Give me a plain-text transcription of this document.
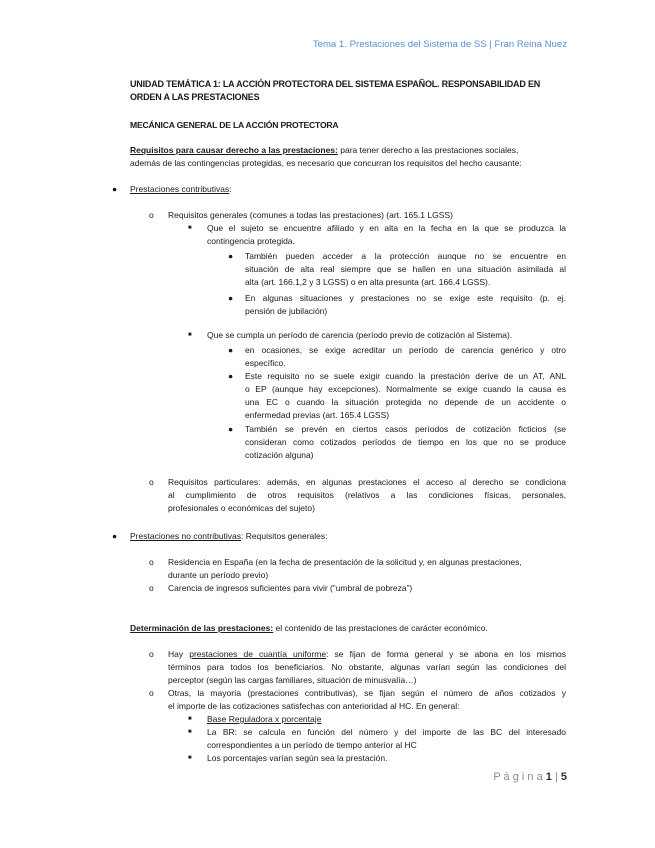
Tema 1. Prestaciones del Sistema de SS | Fran Reina Nuez
UNIDAD TEMÁTICA 1: LA ACCIÓN PROTECTORA DEL SISTEMA ESPAÑOL. RESPONSABILIDAD EN
ORDEN A LAS PRESTACIONES
MECÁNICA GENERAL DE LA ACCIÓN PROTECTORA
Requisitos para causar derecho a las prestaciones: para tener derecho a las prestaciones sociales,
además de las contingencias protegidas, es necesario que concurran los requisitos del hecho causante:
● Prestaciones contributivas:
o Requisitos generales (comunes a todas las prestaciones) (art. 165.1 LGSS)
■ Que el sujeto se encuentre afiliado y en alta en la fecha en la que se produzca la
contingencia protegida.
● También pueden acceder a la protección aunque no se encuentre en
situación de alta real siempre que se hallen en una situación asimilada al
alta (art. 166.1,2 y 3 LGSS) o en alta presunta (art. 166.4 LGSS).
● En algunas situaciones y prestaciones no se exige este requisito (p. ej.
pensión de jubilación)
■ Que se cumpla un período de carencia (período previo de cotización al Sistema).
● en ocasiones, se exige acreditar un período de carencia genérico y otro
específico.
● Este requisito no se suele exigir cuando la prestación derive de un AT, ANL
o EP (aunque hay excepciones). Normalmente se exige cuando la causa es
una EC o cuando la situación protegida no depende de un accidente o
enfermedad previas (art. 165.4 LGSS)
● También se prevén en ciertos casos períodos de cotización ficticios (se
consideran como cotizados períodos de tiempo en los que no se produce
cotización alguna)
o Requisitos particulares: además, en algunas prestaciones el acceso al derecho se condiciona
al cumplimiento de otros requisitos (relativos a las condiciones físicas, personales,
profesionales o económicas del sujeto)
● Prestaciones no contributivas: Requisitos generales:
o Residencia en España (en la fecha de presentación de la solicitud y, en algunas prestaciones,
durante un período previo)
o Carencia de ingresos suficientes para vivir (“umbral de pobreza”)
Determinación de las prestaciones: el contenido de las prestaciones de carácter económico.
o Hay prestaciones de cuantía uniforme: se fijan de forma general y se abona en los mismos
términos para todos los beneficiarios. No obstante, algunas varían según las condiciones del
perceptor (según las cargas familiares, situación de minusvalía…)
o Otras, la mayoría (prestaciones contributivas), se fijan según el número de años cotizados y
el importe de las cotizaciones satisfechas con anterioridad al HC. En general:
■ Base Reguladora x porcentaje
■ La BR: se calcula en función del número y del importe de las BC del interesado
correspondientes a un período de tiempo anterior al HC
■ Los porcentajes varían según sea la prestación.
P á g i n a 1 | 5
